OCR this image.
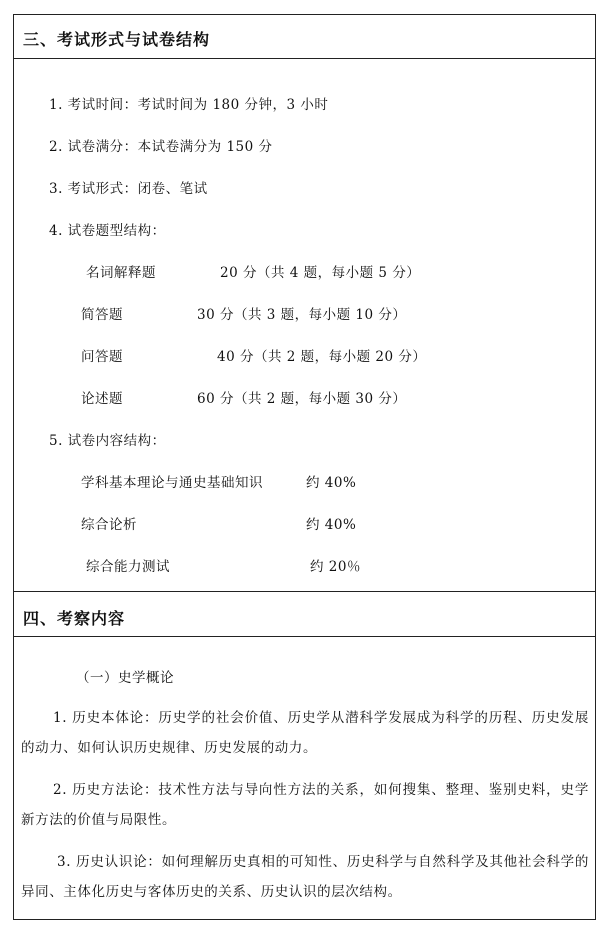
三、考试形式与试卷结构
1. 考试时间：考试时间为 180 分钟，3 小时
2. 试卷满分：本试卷满分为 150 分
3. 考试形式：闭卷、笔试
4. 试卷题型结构：
名词解释题	20 分（共 4 题，每小题 5 分）
简答题	30 分（共 3 题，每小题 10 分）
问答题	40 分（共 2 题，每小题 20 分）
论述题	60 分（共 2 题，每小题 30 分）
5. 试卷内容结构：
学科基本理论与通史基础知识	约 40%
综合论析	约 40%
综合能力测试	约 20％
四、考察内容
（一）史学概论
1. 历史本体论：历史学的社会价值、历史学从潜科学发展成为科学的历程、历史发展的动力、如何认识历史规律、历史发展的动力。
2. 历史方法论：技术性方法与导向性方法的关系，如何搜集、整理、鉴别史料，史学新方法的价值与局限性。
3. 历史认识论：如何理解历史真相的可知性、历史科学与自然科学及其他社会科学的异同、主体化历史与客体历史的关系、历史认识的层次结构。
